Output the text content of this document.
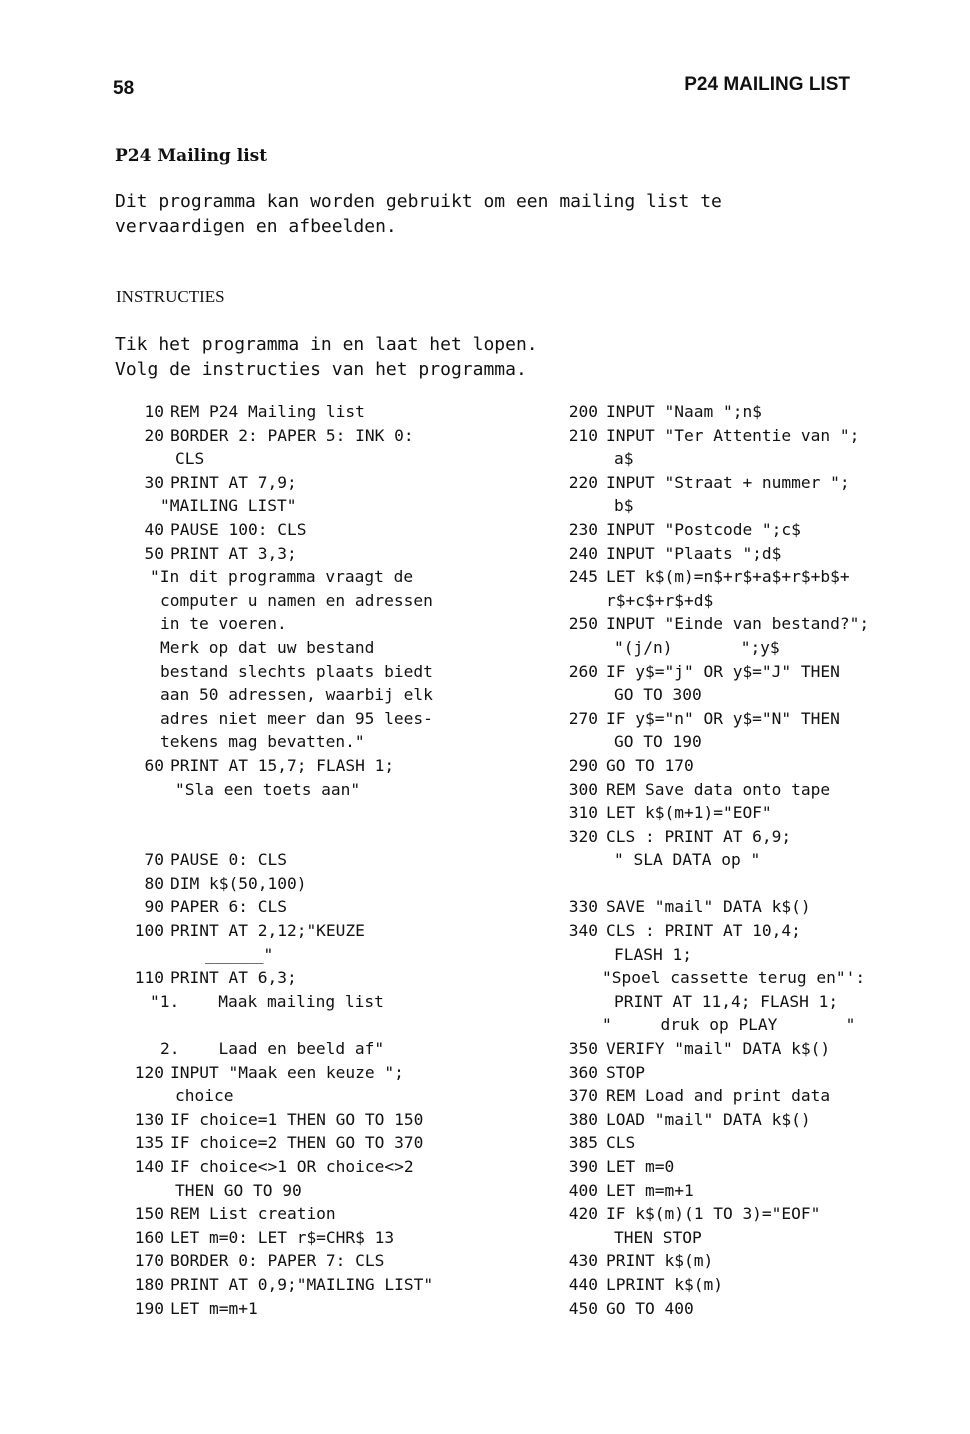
58	P24 MAILING LIST
P24 Mailing list
Dit programma kan worden gebruikt om een mailing list te
vervaardigen en afbeelden.
INSTRUCTIES
Tik het programma in en laat het lopen.
Volg de instructies van het programma.
10 REM P24 Mailing list
20 BORDER 2: PAPER 5: INK 0:
CLS
30 PRINT AT 7,9;
"MAILING LIST"
40 PAUSE 100: CLS
50 PRINT AT 3,3;
"In dit programma vraagt de
computer u namen en adressen
in te voeren.
Merk op dat uw bestand
bestand slechts plaats biedt
aan 50 adressen, waarbij elk
adres niet meer dan 95 lees-
tekens mag bevatten."
60 PRINT AT 15,7; FLASH 1;
"Sla een toets aan"
70 PAUSE 0: CLS
80 DIM k$(50,100)
90 PAPER 6: CLS
100 PRINT AT 2,12;"KEUZE
______"
110 PRINT AT 6,3;
"1.    Maak mailing list
2.    Laad en beeld af"
120 INPUT "Maak een keuze ";
choice
130 IF choice=1 THEN GO TO 150
135 IF choice=2 THEN GO TO 370
140 IF choice<>1 OR choice<>2
THEN GO TO 90
150 REM List creation
160 LET m=0: LET r$=CHR$ 13
170 BORDER 0: PAPER 7: CLS
180 PRINT AT 0,9;"MAILING LIST"
190 LET m=m+1
200 INPUT "Naam ";n$
210 INPUT "Ter Attentie van ";
a$
220 INPUT "Straat + nummer ";
b$
230 INPUT "Postcode ";c$
240 INPUT "Plaats ";d$
245 LET k$(m)=n$+r$+a$+r$+b$+
r$+c$+r$+d$
250 INPUT "Einde van bestand?";
"(j/n)       ";y$
260 IF y$="j" OR y$="J" THEN
GO TO 300
270 IF y$="n" OR y$="N" THEN
GO TO 190
290 GO TO 170
300 REM Save data onto tape
310 LET k$(m+1)="EOF"
320 CLS : PRINT AT 6,9;
" SLA DATA op "
330 SAVE "mail" DATA k$()
340 CLS : PRINT AT 10,4;
FLASH 1;
"Spoel cassette terug en"':
PRINT AT 11,4; FLASH 1;
"     druk op PLAY       "
350 VERIFY "mail" DATA k$()
360 STOP
370 REM Load and print data
380 LOAD "mail" DATA k$()
385 CLS
390 LET m=0
400 LET m=m+1
420 IF k$(m)(1 TO 3)="EOF"
THEN STOP
430 PRINT k$(m)
440 LPRINT k$(m)
450 GO TO 400
